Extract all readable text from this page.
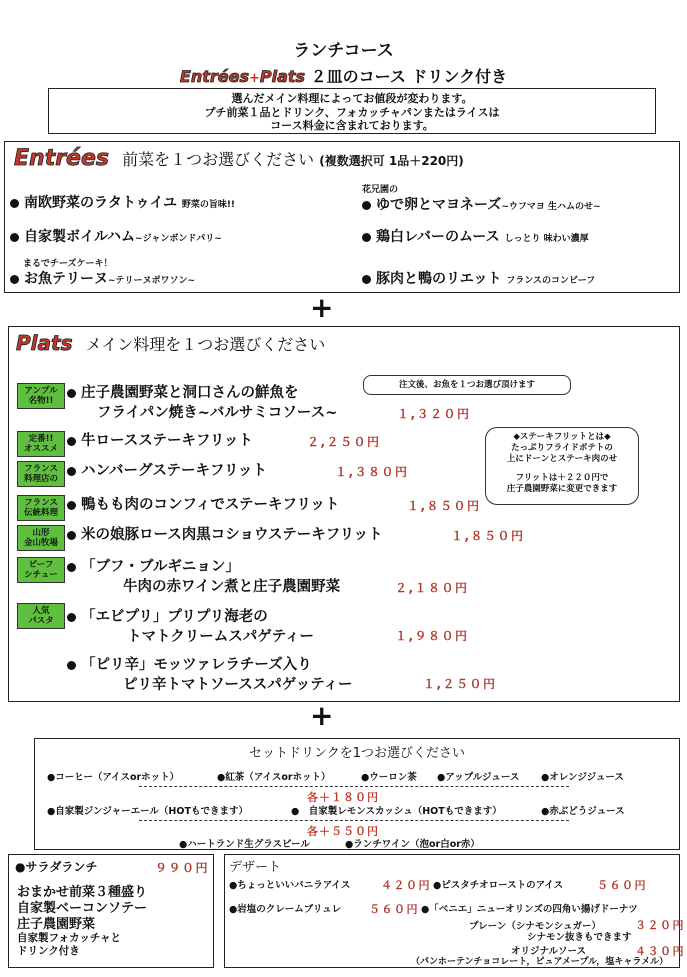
ランチコース
Entrées+Plats ２皿のコース ドリンク付き
選んだメイン料理によってお値段が変わります。
プチ前菜１品とドリンク、フォカッチャパンまたはライスは
コース料金に含まれております。
Entrées 前菜を１つお選びください (複数選択可 1品＋220円)
南欧野菜のラタトゥイユ 野菜の旨味!!
花兄園の
ゆで卵とマヨネーズ~ウフマヨ 生ハムのせ~
自家製ボイルハム~ジャンボンドパリ~	鶏白レバーのムース しっとり 味わい濃厚
まるでチーズケーキ！
お魚テリーヌ~テリーヌポワソン~	豚肉と鴨のリエット フランスのコンビーフ
+
Plats メイン料理を１つお選びください
注文後、お魚を１つお選び頂けます
◆ステーキフリットとは◆
たっぷりフライドポテトの
上にドーンとステーキ肉のせ
フリットは＋２２０円で
庄子農園野菜に変更できます
アンプル
名物!!	庄子農園野菜と洞口さんの鮮魚を
フライパン焼き~バルサミコソース~	１,３２０円
定番!!
オススメ	牛ロースステーキフリット	２,２５０円
フランス
料理店の	ハンバーグステーキフリット	１,３８０円
フランス
伝統料理	鴨もも肉のコンフィでステーキフリット	１,８５０円
山形
金山牧場	米の娘豚ロース肉黒コショウステーキフリット	１,８５０円
ビーフ
シチュー	「ブフ・ブルギニョン」
牛肉の赤ワイン煮と庄子農園野菜	２,１８０円
人気
パスタ	「エビプリ」プリプリ海老の
トマトクリームスパゲティー	１,９８０円
「ピリ辛」モッツァレラチーズ入り
ピリ辛トマトソーススパゲッティー	１,２５０円
+
セットドリンクを1つお選びください
●コーヒー（アイスorホット）	●紅茶（アイスorホット）	●ウーロン茶 ●アップルジュース ●オレンジジュース
各＋１８０円
●自家製ジンジャーエール（HOTもできます）	●　自家製レモンスカッシュ（HOTもできます）	●赤ぶどうジュース
各＋５５０円
●ハートランド生グラスビール	●ランチワイン（泡or白or赤）
●サラダランチ	９９０円
おまかせ前菜３種盛り
自家製ベーコンソテー
庄子農園野菜
自家製フォカッチャと
ドリンク付き
デザート
●ちょっといいバニラアイス	４２０円 ●ピスタチオローストのアイス	５６０円
●岩塩のクレームブリュレ	５６０円 ●「ベニエ」ニューオリンズの四角い揚げドーナツ
プレーン（シナモンシュガー）	３２０円
シナモン抜きもできます
オリジナルソース	４３０円
（パンホーテンチョコレート，ピュアメープル，塩キャラメル）
